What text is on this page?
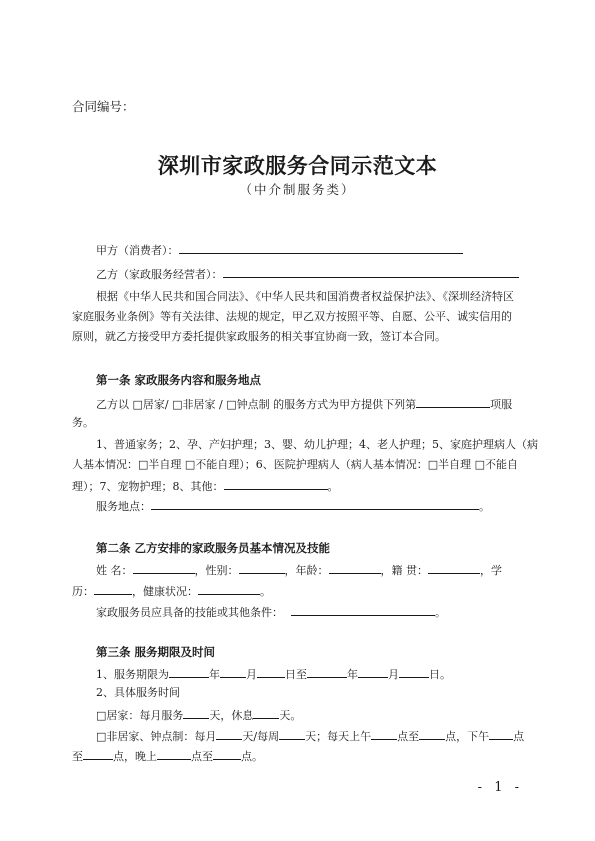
合同编号：
深圳市家政服务合同示范文本
（中介制服务类）
甲方（消费者）：
乙方（家政服务经营者）：
根据《中华人民共和国合同法》、《中华人民共和国消费者权益保护法》、《深圳经济特区
家庭服务业条例》等有关法律、法规的规定，甲乙双方按照平等、自愿、公平、诚实信用的
原则，就乙方接受甲方委托提供家政服务的相关事宜协商一致，签订本合同。
第一条 家政服务内容和服务地点
乙方以 □居家/ □非居家 / □钟点制 的服务方式为甲方提供下列第	项服
务。
1、普通家务；2、孕、产妇护理；3、婴、幼儿护理；4、老人护理；5、家庭护理病人（病
人基本情况：□半自理 □不能自理）；6、医院护理病人（病人基本情况：□半自理 □不能自
理）；7、宠物护理；8、其他：	。
服务地点：	。
第二条 乙方安排的家政服务员基本情况及技能
姓 名：	，性别：	，年龄：	，籍 贯：	，学
历：	，健康状况：	。
家政服务员应具备的技能或其他条件：	。
第三条 服务期限及时间
1、服务期限为	年 月	日至	年	月	日。
2、具体服务时间
□居家：每月服务 天，休息 天。
□非居家、钟点制：每月 天/每周 天；每天上午 点至 点，下午 点
至	点，晚上	点至	点。
- 1 -
